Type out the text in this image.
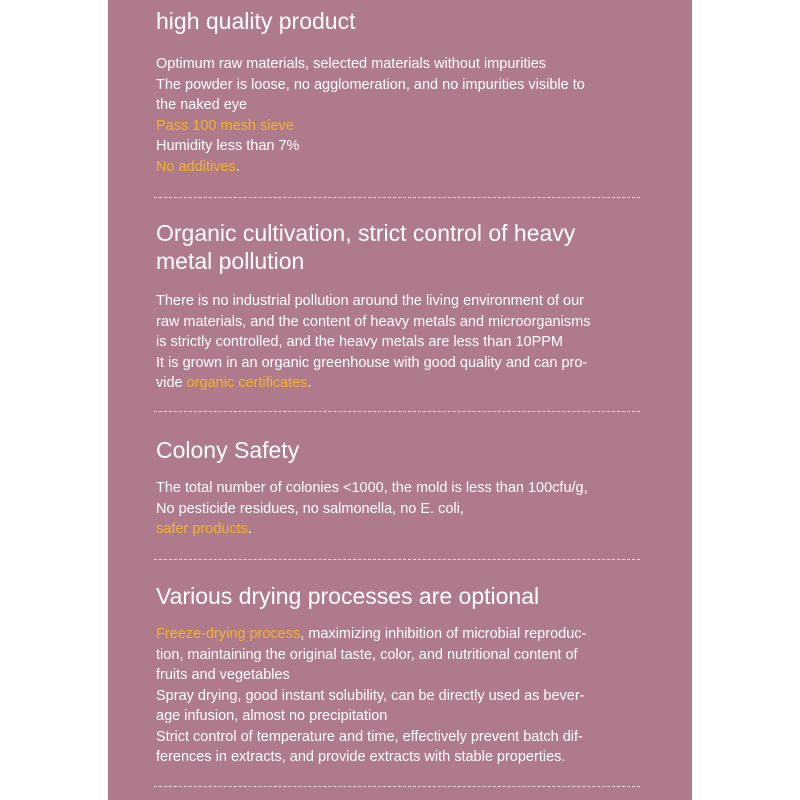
high quality product

Optimum raw materials, selected materials without impurities

The powder is loose, no agglomeration, and no impurities visible to

the naked eye

Pass 100 mesh sieve

Humidity less than 7%

No additives.

Organic cultivation, strict control of heavy
metal pollution

There is no industrial pollution around the living environment of our

raw materials, and the content of heavy metals and microorganisms

is strictly controlled, and the heavy metals are less than 10PPM

It is grown in an organic greenhouse with good quality and can pro-

vide organic certificates.

Colony Safety

The total number of colonies <1000, the mold is less than 100cfu/g,

No pesticide residues, no salmonella, no E. coli,

safer products.

Various drying processes are optional

Freeze-drying process, maximizing inhibition of microbial reproduc-

tion, maintaining the original taste, color, and nutritional content of

fruits and vegetables

Spray drying, good instant solubility, can be directly used as bever-

age infusion, almost no precipitation

Strict control of temperature and time, effectively prevent batch dif-

ferences in extracts, and provide extracts with stable properties.
